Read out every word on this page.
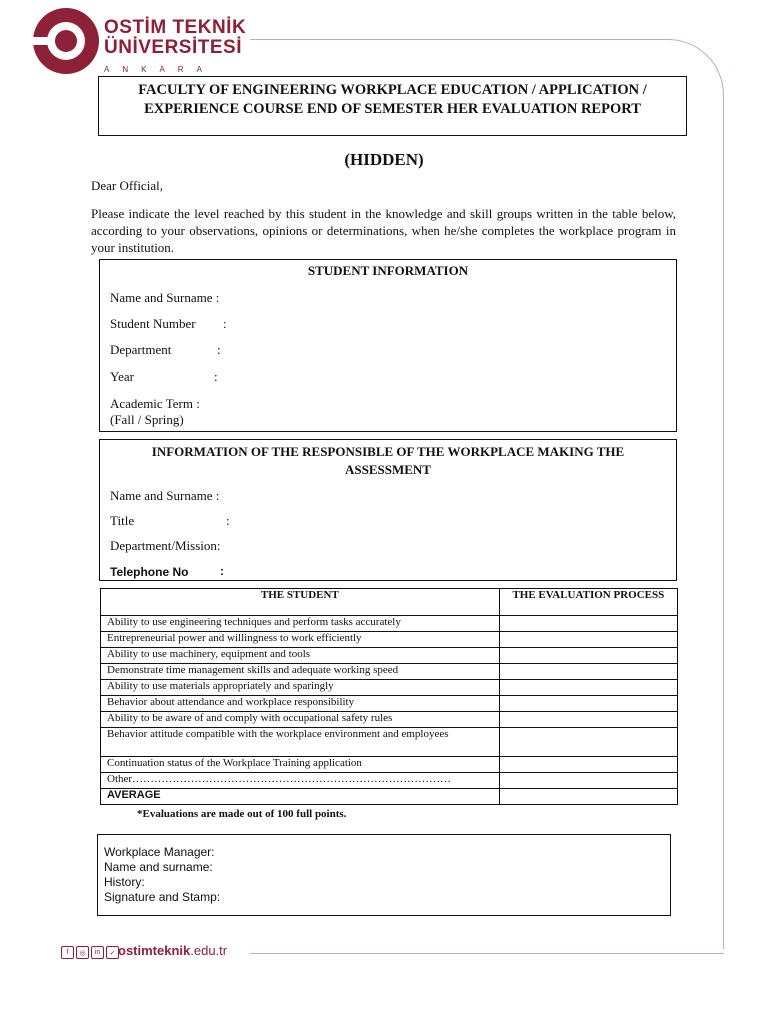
OSTİM TEKNİK
ÜNİVERSİTESİ
ANKARA
FACULTY OF ENGINEERING WORKPLACE EDUCATION / APPLICATION / EXPERIENCE COURSE END OF SEMESTER HER EVALUATION REPORT
(HIDDEN)
Dear Official,
Please indicate the level reached by this student in the knowledge and skill groups written in the table below, according to your observations, opinions or determinations, when he/she completes the workplace program in your institution.
STUDENT INFORMATION
Name and Surname :
Student Number :
Department	:
Year	:
Academic Term :
(Fall / Spring)
INFORMATION OF THE RESPONSIBLE OF THE WORKPLACE MAKING THE ASSESSMENT
Name and Surname :
Title	:
Department/Mission:
Telephone No	:
THE STUDENT	THE EVALUATION PROCESS
Ability to use engineering techniques and perform tasks accurately	
Entrepreneurial power and willingness to work efficiently	
Ability to use machinery, equipment and tools	
Demonstrate time management skills and adequate working speed	
Ability to use materials appropriately and sparingly	
Behavior about attendance and workplace responsibility	
Ability to be aware of and comply with occupational safety rules	
Behavior attitude compatible with the workplace environment and employees	
Continuation status of the Workplace Training application	
Other……………………………………………………………………………	
AVERAGE	
*Evaluations are made out of 100 full points.
Workplace Manager:
Name and surname:
History:
Signature and Stamp:
f	◎	in	✓ ostimteknik.edu.tr
